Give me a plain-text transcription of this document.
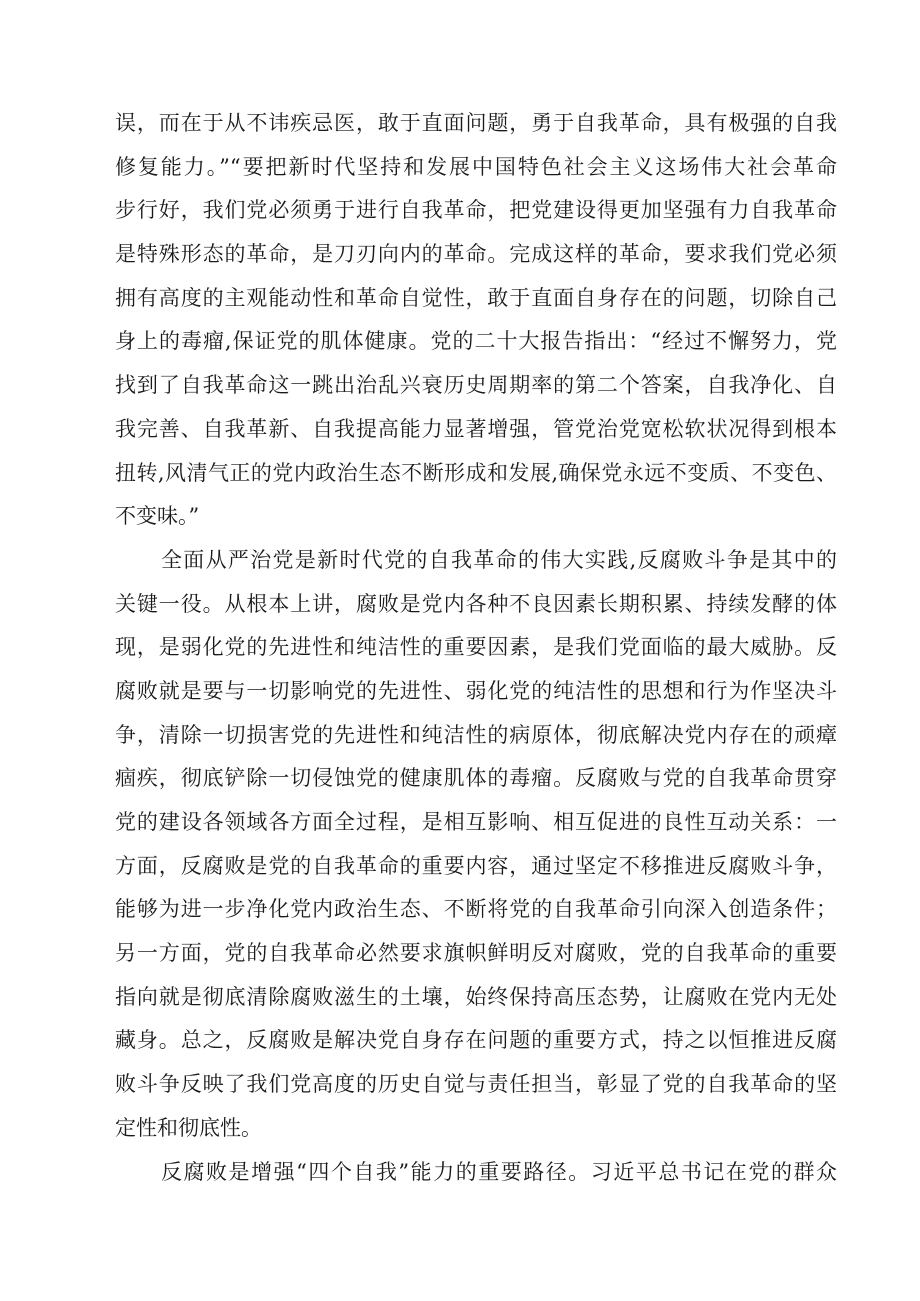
误，而在于从不讳疾忌医，敢于直面问题，勇于自我革命，具有极强的自我
修复能力。”“要把新时代坚持和发展中国特色社会主义这场伟大社会革命
步行好，我们党必须勇于进行自我革命，把党建设得更加坚强有力自我革命
是特殊形态的革命，是刀刃向内的革命。完成这样的革命，要求我们党必须
拥有高度的主观能动性和革命自觉性，敢于直面自身存在的问题，切除自己
身上的毒瘤,保证党的肌体健康。党的二十大报告指出：“经过不懈努力，党
找到了自我革命这一跳出治乱兴衰历史周期率的第二个答案，自我净化、自
我完善、自我革新、自我提高能力显著增强，管党治党宽松软状况得到根本
扭转,风清气正的党内政治生态不断形成和发展,确保党永远不变质、不变色、
不变味。”
全面从严治党是新时代党的自我革命的伟大实践,反腐败斗争是其中的
关键一役。从根本上讲，腐败是党内各种不良因素长期积累、持续发酵的体
现，是弱化党的先进性和纯洁性的重要因素，是我们党面临的最大威胁。反
腐败就是要与一切影响党的先进性、弱化党的纯洁性的思想和行为作坚决斗
争，清除一切损害党的先进性和纯洁性的病原体，彻底解决党内存在的顽瘴
痼疾，彻底铲除一切侵蚀党的健康肌体的毒瘤。反腐败与党的自我革命贯穿
党的建设各领域各方面全过程，是相互影响、相互促进的良性互动关系：一
方面，反腐败是党的自我革命的重要内容，通过坚定不移推进反腐败斗争，
能够为进一步净化党内政治生态、不断将党的自我革命引向深入创造条件；
另一方面，党的自我革命必然要求旗帜鲜明反对腐败，党的自我革命的重要
指向就是彻底清除腐败滋生的土壤，始终保持高压态势，让腐败在党内无处
藏身。总之，反腐败是解决党自身存在问题的重要方式，持之以恒推进反腐
败斗争反映了我们党高度的历史自觉与责任担当，彰显了党的自我革命的坚
定性和彻底性。
反腐败是增强“四个自我”能力的重要路径。习近平总书记在党的群众
